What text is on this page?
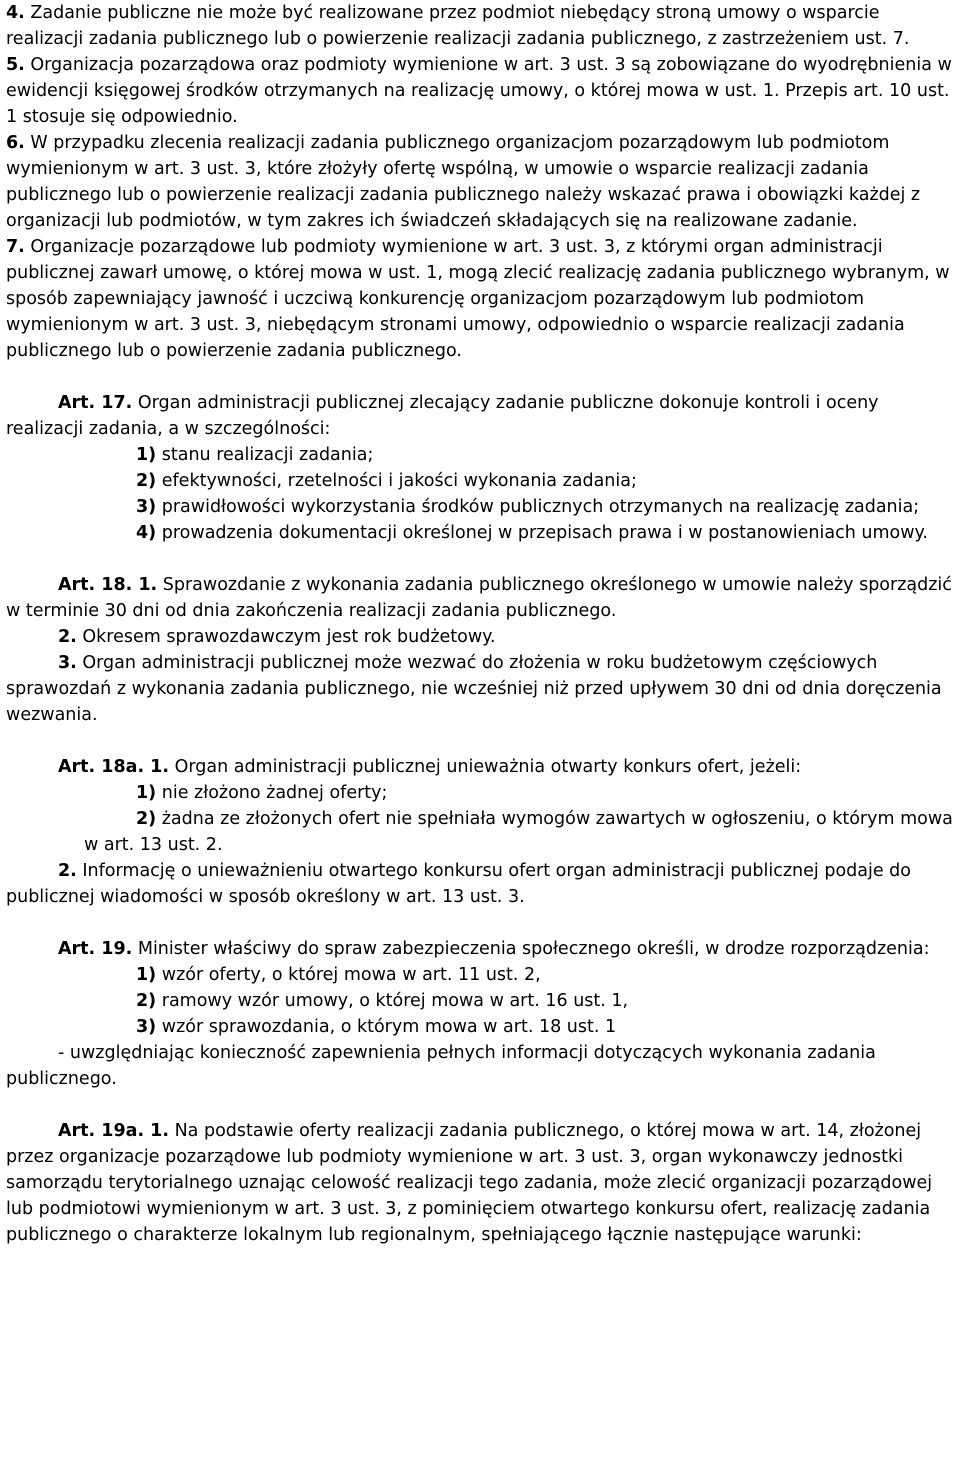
4. Zadanie publiczne nie może być realizowane przez podmiot niebędący stroną umowy o wsparcie realizacji zadania publicznego lub o powierzenie realizacji zadania publicznego, z zastrzeżeniem ust. 7.

5. Organizacja pozarządowa oraz podmioty wymienione w art. 3 ust. 3 są zobowiązane do wyodrębnienia w ewidencji księgowej środków otrzymanych na realizację umowy, o której mowa w ust. 1. Przepis art. 10 ust. 1 stosuje się odpowiednio.

6. W przypadku zlecenia realizacji zadania publicznego organizacjom pozarządowym lub podmiotom wymienionym w art. 3 ust. 3, które złożyły ofertę wspólną, w umowie o wsparcie realizacji zadania publicznego lub o powierzenie realizacji zadania publicznego należy wskazać prawa i obowiązki każdej z organizacji lub podmiotów, w tym zakres ich świadczeń składających się na realizowane zadanie.

7. Organizacje pozarządowe lub podmioty wymienione w art. 3 ust. 3, z którymi organ administracji publicznej zawarł umowę, o której mowa w ust. 1, mogą zlecić realizację zadania publicznego wybranym, w sposób zapewniający jawność i uczciwą konkurencję organizacjom pozarządowym lub podmiotom wymienionym w art. 3 ust. 3, niebędącym stronami umowy, odpowiednio o wsparcie realizacji zadania publicznego lub o powierzenie zadania publicznego.

Art. 17. Organ administracji publicznej zlecający zadanie publiczne dokonuje kontroli i oceny realizacji zadania, a w szczególności:

1) stanu realizacji zadania;

2) efektywności, rzetelności i jakości wykonania zadania;

3) prawidłowości wykorzystania środków publicznych otrzymanych na realizację zadania;

4) prowadzenia dokumentacji określonej w przepisach prawa i w postanowieniach umowy.

Art. 18. 1. Sprawozdanie z wykonania zadania publicznego określonego w umowie należy sporządzić w terminie 30 dni od dnia zakończenia realizacji zadania publicznego.

2. Okresem sprawozdawczym jest rok budżetowy.

3. Organ administracji publicznej może wezwać do złożenia w roku budżetowym częściowych sprawozdań z wykonania zadania publicznego, nie wcześniej niż przed upływem 30 dni od dnia doręczenia wezwania.

Art. 18a. 1. Organ administracji publicznej unieważnia otwarty konkurs ofert, jeżeli:

1) nie złożono żadnej oferty;

2) żadna ze złożonych ofert nie spełniała wymogów zawartych w ogłoszeniu, o którym mowa w art. 13 ust. 2.

2. Informację o unieważnieniu otwartego konkursu ofert organ administracji publicznej podaje do publicznej wiadomości w sposób określony w art. 13 ust. 3.

Art. 19. Minister właściwy do spraw zabezpieczenia społecznego określi, w drodze rozporządzenia:

1) wzór oferty, o której mowa w art. 11 ust. 2,

2) ramowy wzór umowy, o której mowa w art. 16 ust. 1,

3) wzór sprawozdania, o którym mowa w art. 18 ust. 1

- uwzględniając konieczność zapewnienia pełnych informacji dotyczących wykonania zadania publicznego.

Art. 19a. 1. Na podstawie oferty realizacji zadania publicznego, o której mowa w art. 14, złożonej przez organizacje pozarządowe lub podmioty wymienione w art. 3 ust. 3, organ wykonawczy jednostki samorządu terytorialnego uznając celowość realizacji tego zadania, może zlecić organizacji pozarządowej lub podmiotowi wymienionym w art. 3 ust. 3, z pominięciem otwartego konkursu ofert, realizację zadania publicznego o charakterze lokalnym lub regionalnym, spełniającego łącznie następujące warunki:
